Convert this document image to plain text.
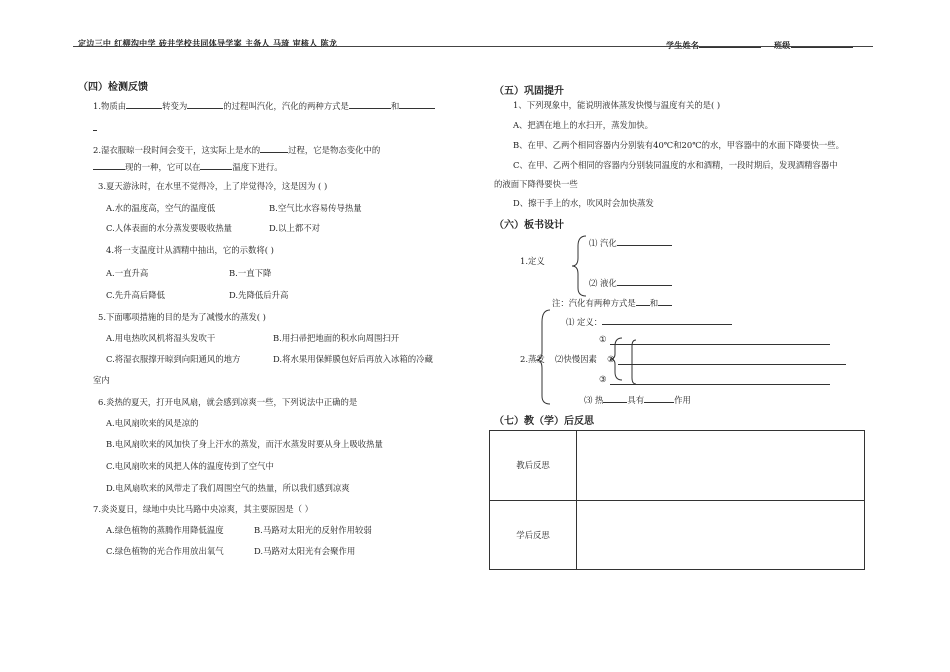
定边三中 红柳沟中学 砖井学校共同体导学案 主备人 马琦 审核人 陈龙	学生姓名	班级
（四）检测反馈
1.物质由	转变为	的过程叫汽化，汽化的两种方式是	和
2.湿衣服晾一段时间会变干，这实际上是水的	过程，它是物态变化中的
现的一种，它可以在	温度下进行。
3.夏天游泳时，在水里不觉得冷，上了岸觉得冷，这是因为 ( )
A.水的温度高，空气的温度低	B.空气比水容易传导热量
C.人体表面的水分蒸发要吸收热量	D.以上都不对
4.将一支温度计从酒精中抽出，它的示数将( )
A.一直升高	B.一直下降
C.先升高后降低	D.先降低后升高
5.下面哪项措施的目的是为了减慢水的蒸发( )
A.用电热吹风机将湿头发吹干	B.用扫帚把地面的积水向周围扫开
C.将湿衣服撑开晾到向阳通风的地方	D.将水果用保鲜膜包好后再放入冰箱的冷藏
室内
6.炎热的夏天，打开电风扇，就会感到凉爽一些，下列说法中正确的是
A.电风扇吹来的风是凉的
B.电风扇吹来的风加快了身上汗水的蒸发，而汗水蒸发时要从身上吸收热量
C.电风扇吹来的风把人体的温度传到了空气中
D.电风扇吹来的风带走了我们周围空气的热量，所以我们感到凉爽
7.炎炎夏日，绿地中央比马路中央凉爽，其主要原因是（ ）
A.绿色植物的蒸腾作用降低温度	B.马路对太阳光的反射作用较弱
C.绿色植物的光合作用放出氧气	D.马路对太阳光有会聚作用
（五）巩固提升
1、下列现象中，能说明液体蒸发快慢与温度有关的是( )
A、把洒在地上的水扫开，蒸发加快。
B、在甲、乙两个相同容器内分别装有40℃和20℃的水，甲容器中的水面下降要快一些。
C、在甲、乙两个相同的容器内分别装同温度的水和酒精，一段时期后，发现酒精容器中
的液面下降得要快一些
D、擦干手上的水，吹风时会加快蒸发
（六）板书设计
⑴ 汽化
1.定义
⑵ 液化
注：汽化有两种方式是 和
⑴ 定义：
2.蒸发 ⑵快慢因素
①
②
③
⑶ 热	具有	作用
（七）教（学）后反思
教后反思	
学后反思	
